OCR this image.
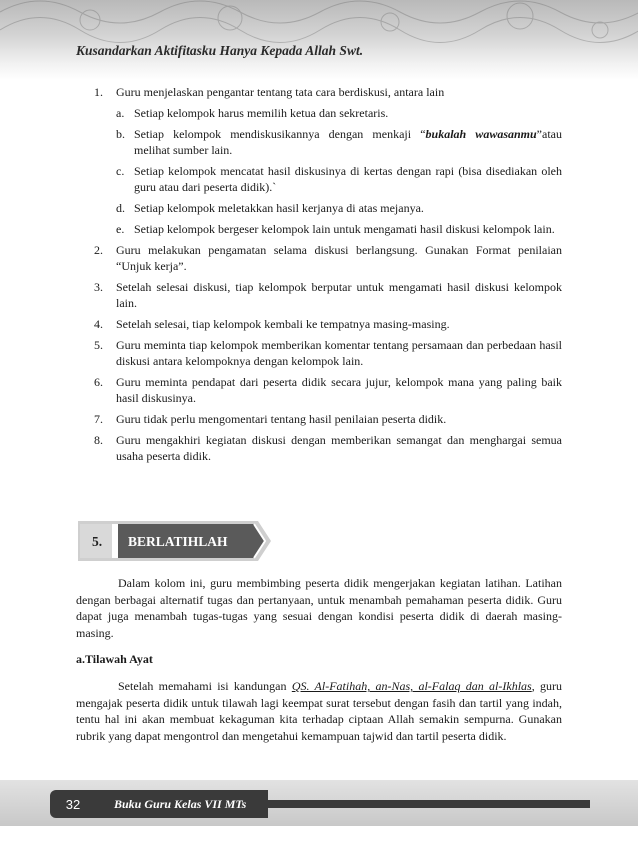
Kusandarkan Aktifitasku Hanya Kepada Allah Swt.
1. Guru menjelaskan pengantar tentang tata cara berdiskusi, antara lain
a. Setiap kelompok harus memilih ketua dan sekretaris.
b. Setiap kelompok mendiskusikannya dengan menkaji “bukalah wawasanmu”atau melihat sumber lain.
c. Setiap kelompok mencatat hasil diskusinya di kertas dengan rapi (bisa disediakan oleh guru atau dari peserta didik).`
d. Setiap kelompok meletakkan hasil kerjanya di atas mejanya.
e. Setiap kelompok bergeser kelompok lain untuk mengamati hasil diskusi kelompok lain.
2. Guru melakukan pengamatan selama diskusi berlangsung. Gunakan Format penilaian “Unjuk kerja”.
3. Setelah selesai diskusi, tiap kelompok berputar untuk mengamati hasil diskusi kelompok lain.
4. Setelah selesai, tiap kelompok kembali ke tempatnya masing-masing.
5. Guru meminta tiap kelompok memberikan komentar tentang persamaan dan perbedaan hasil diskusi antara kelompoknya dengan kelompok lain.
6. Guru meminta pendapat dari peserta didik secara jujur, kelompok mana yang paling baik hasil diskusinya.
7. Guru tidak perlu mengomentari tentang hasil penilaian peserta didik.
8. Guru mengakhiri kegiatan diskusi dengan memberikan semangat dan menghargai semua usaha peserta didik.
5. BERLATIHLAH

Dalam kolom ini, guru membimbing peserta didik mengerjakan kegiatan latihan. Latihan dengan berbagai alternatif tugas dan pertanyaan, untuk menambah pemahaman peserta didik. Guru dapat juga menambah tugas-tugas yang sesuai dengan kondisi peserta didik di daerah masing-masing.

a.Tilawah Ayat

Setelah memahami isi kandungan QS. Al-Fatihah, an-Nas, al-Falaq dan al-Ikhlas, guru mengajak peserta didik untuk tilawah lagi keempat surat tersebut dengan fasih dan tartil yang indah, tentu hal ini akan membuat kekaguman kita terhadap ciptaan Allah semakin sempurna. Gunakan rubrik yang dapat mengontrol dan mengetahui kemampuan tajwid dan tartil peserta didik.

32	Buku Guru Kelas VII MTs
